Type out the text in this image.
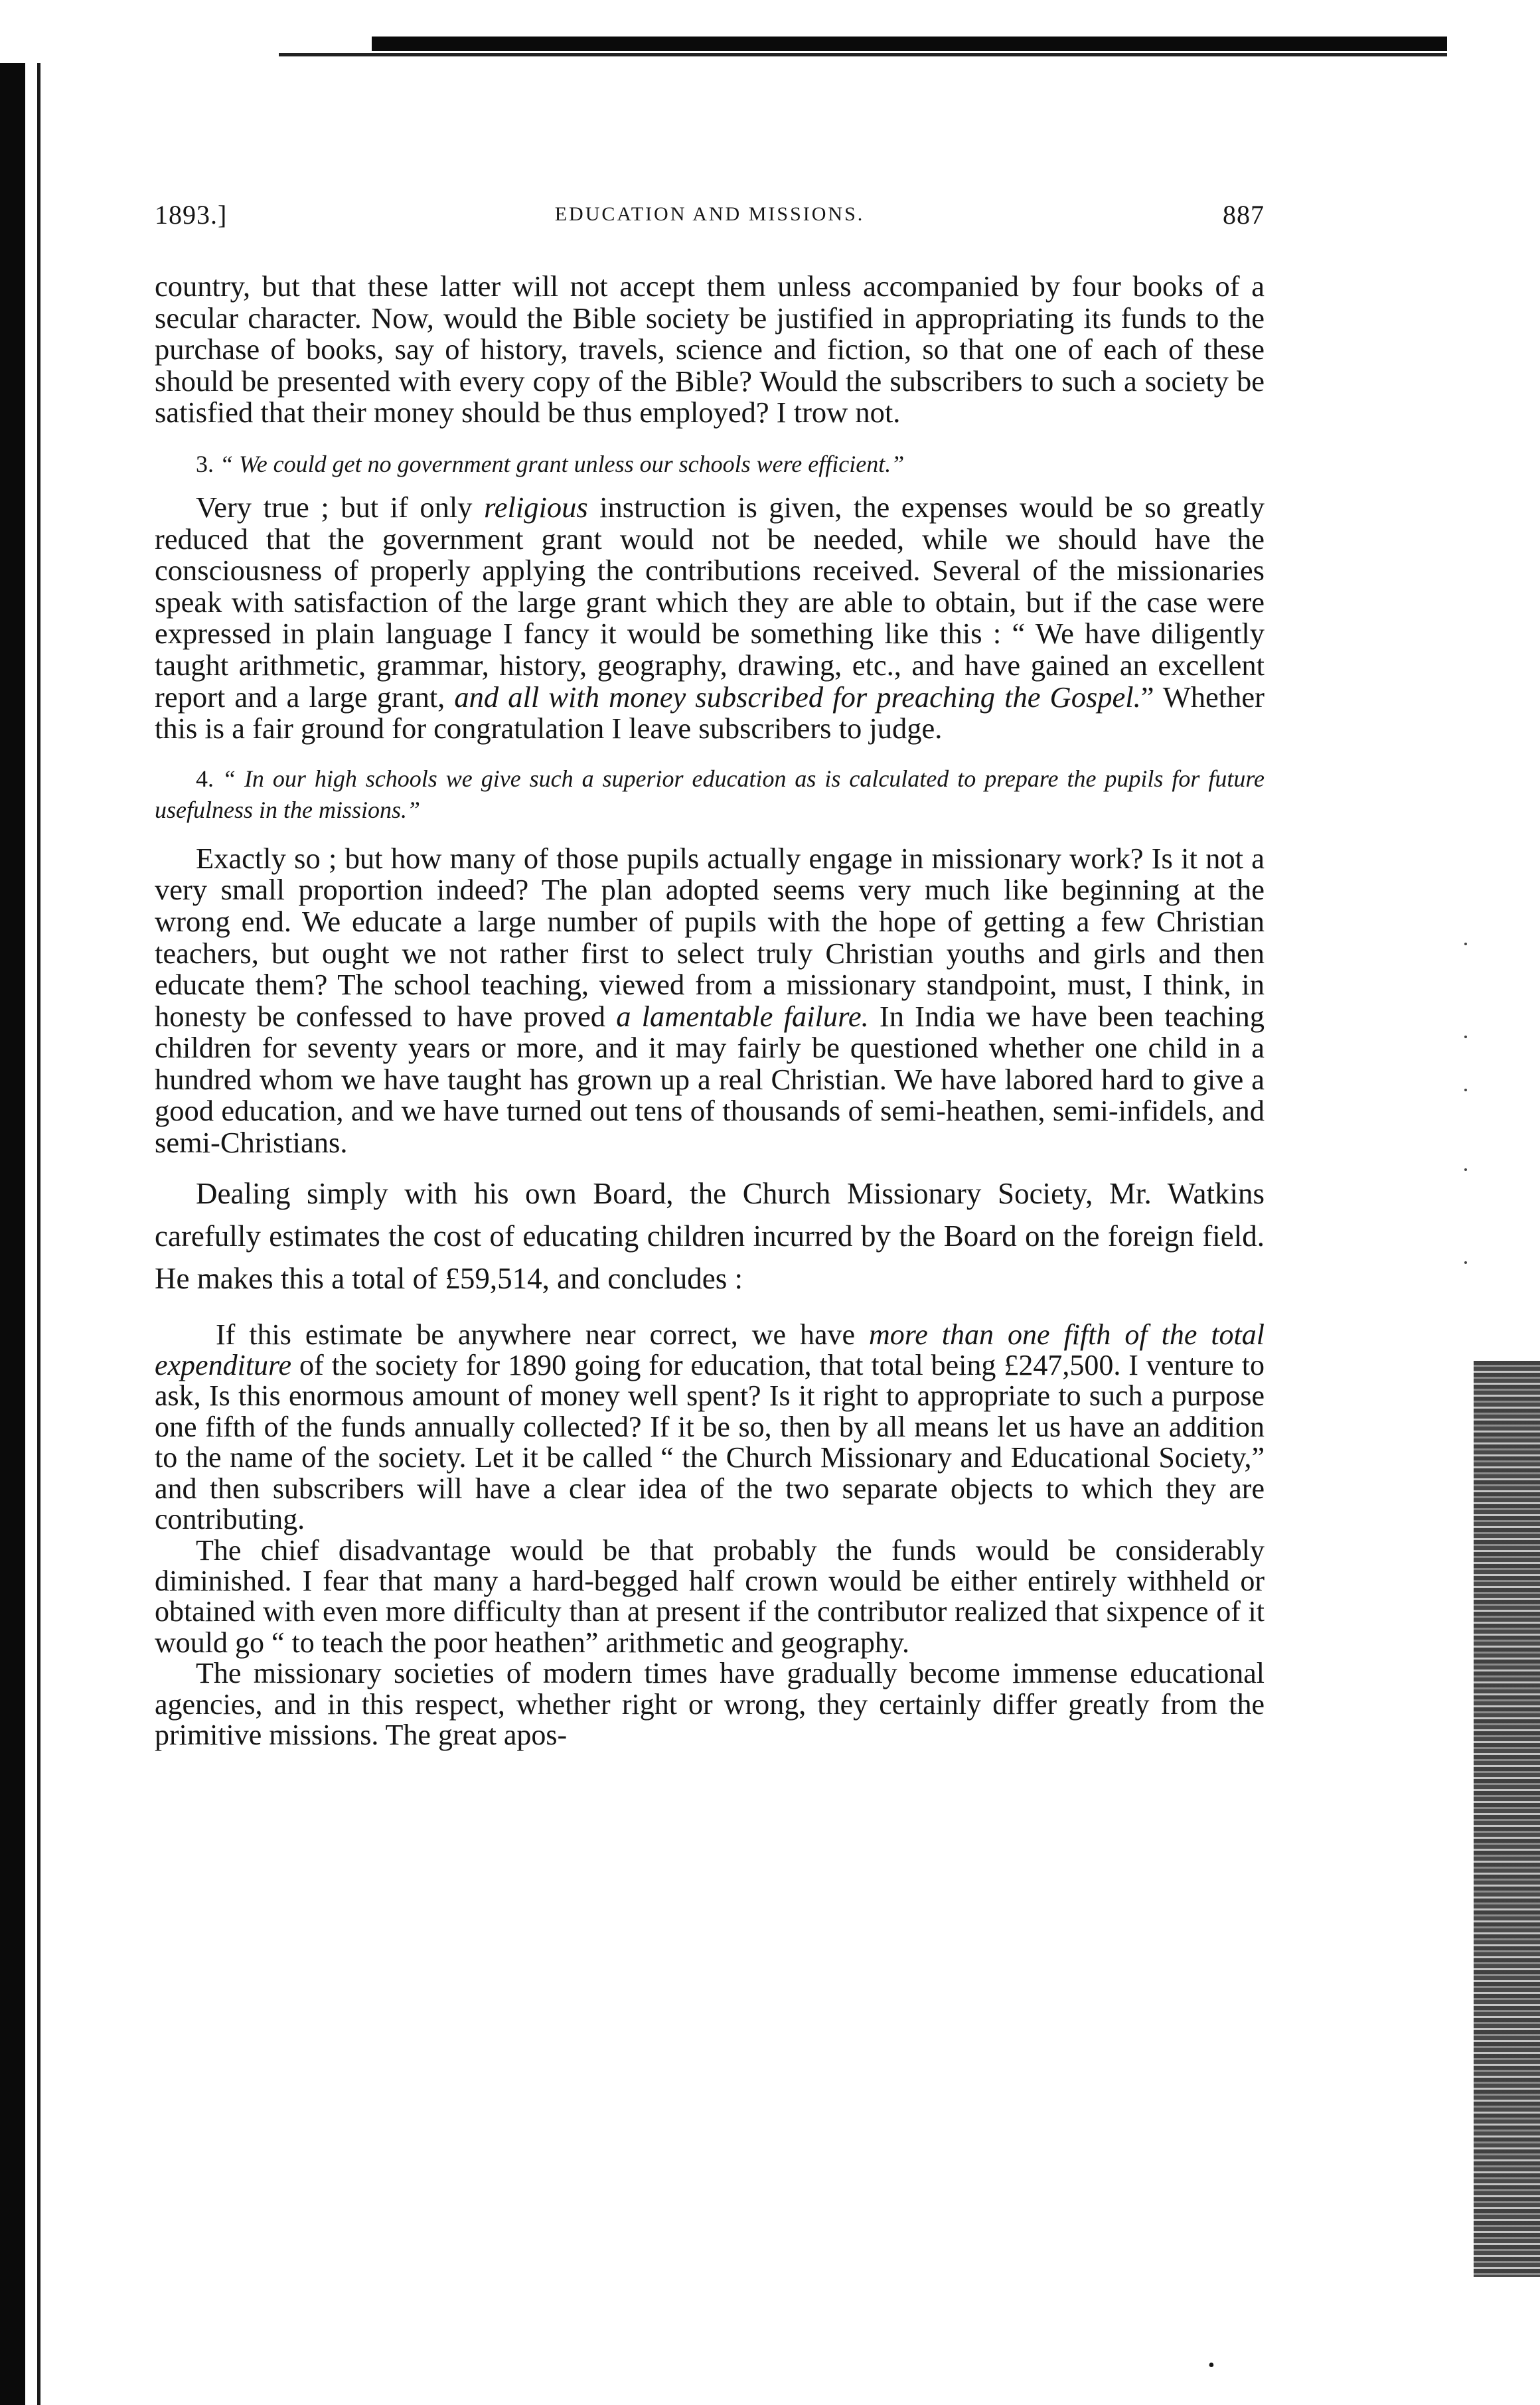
1893.]	EDUCATION AND MISSIONS.	887

country, but that these latter will not accept them unless accompanied by four books of a secular character. Now, would the Bible society be justified in appropriating its funds to the purchase of books, say of history, travels, science and fiction, so that one of each of these should be presented with every copy of the Bible? Would the subscribers to such a society be satisfied that their money should be thus employed? I trow not.

3. “ We could get no government grant unless our schools were efficient.”

Very true ; but if only religious instruction is given, the expenses would be so greatly reduced that the government grant would not be needed, while we should have the consciousness of properly applying the contributions received. Several of the missionaries speak with satisfaction of the large grant which they are able to obtain, but if the case were expressed in plain language I fancy it would be something like this : “ We have diligently taught arithmetic, grammar, history, geography, drawing, etc., and have gained an excellent report and a large grant, and all with money subscribed for preaching the Gospel.” Whether this is a fair ground for congratulation I leave subscribers to judge.

4. “ In our high schools we give such a superior education as is calculated to prepare the pupils for future usefulness in the missions.”

Exactly so ; but how many of those pupils actually engage in missionary work? Is it not a very small proportion indeed? The plan adopted seems very much like beginning at the wrong end. We educate a large number of pupils with the hope of getting a few Christian teachers, but ought we not rather first to select truly Christian youths and girls and then educate them? The school teaching, viewed from a missionary standpoint, must, I think, in honesty be confessed to have proved a lamentable failure. In India we have been teaching children for seventy years or more, and it may fairly be questioned whether one child in a hundred whom we have taught has grown up a real Christian. We have labored hard to give a good education, and we have turned out tens of thousands of semi-heathen, semi-infidels, and semi-Christians.

Dealing simply with his own Board, the Church Missionary Society, Mr. Watkins carefully estimates the cost of educating children incurred by the Board on the foreign field. He makes this a total of £59,514, and concludes :

If this estimate be anywhere near correct, we have more than one fifth of the total expenditure of the society for 1890 going for education, that total being £247,500. I venture to ask, Is this enormous amount of money well spent? Is it right to appropriate to such a purpose one fifth of the funds annually collected? If it be so, then by all means let us have an addition to the name of the society. Let it be called “ the Church Missionary and Educational Society,” and then subscribers will have a clear idea of the two separate objects to which they are contributing.

The chief disadvantage would be that probably the funds would be considerably diminished. I fear that many a hard-begged half crown would be either entirely withheld or obtained with even more difficulty than at present if the contributor realized that sixpence of it would go “ to teach the poor heathen” arithmetic and geography.

The missionary societies of modern times have gradually become immense educational agencies, and in this respect, whether right or wrong, they certainly differ greatly from the primitive missions. The great apos-

•
